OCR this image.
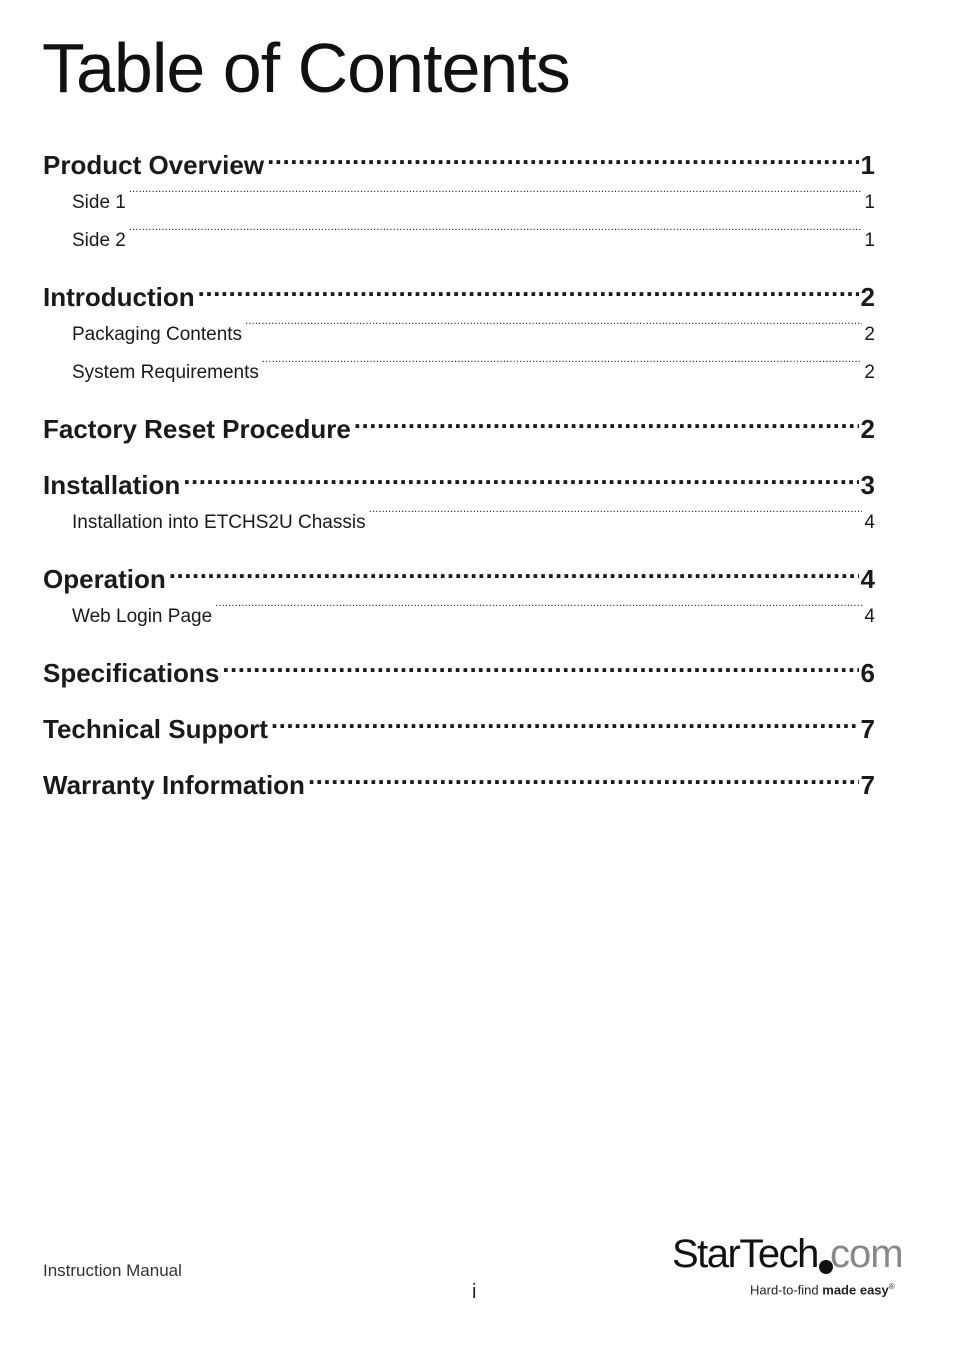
Table of Contents
Product Overview .....	1
Side 1 .....	1
Side 2 .....	1
Introduction .....	2
Packaging Contents .....	2
System Requirements .....	2
Factory Reset Procedure .....	2
Installation .....	3
Installation into ETCHS2U Chassis .....	4
Operation .....	4
Web Login Page .....	4
Specifications .....	6
Technical Support .....	7
Warranty Information .....	7
Instruction Manual
i
StarTech com
Hard-to-find made easy®
